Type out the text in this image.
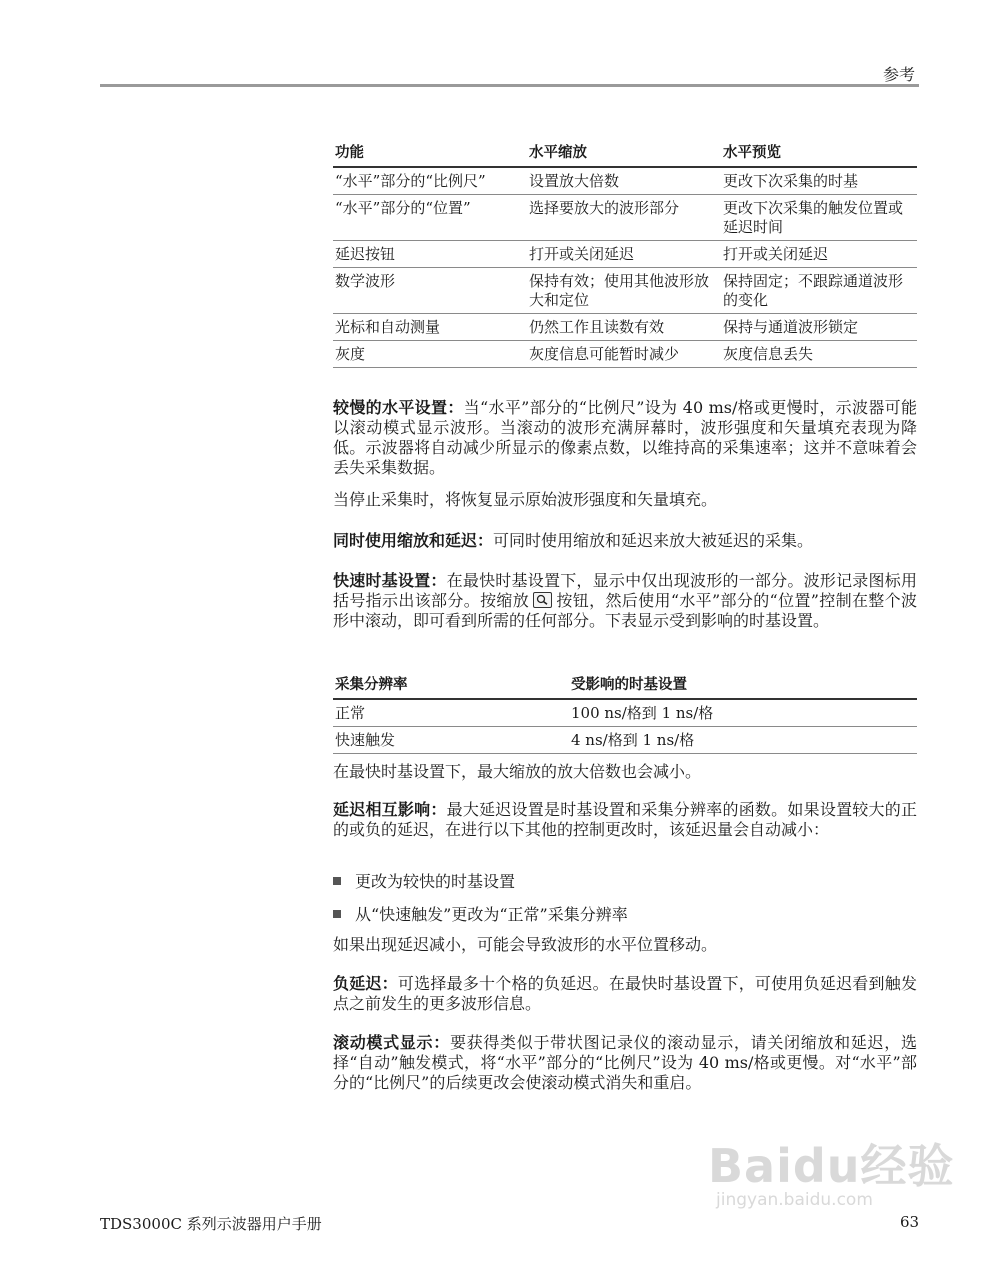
参考
功能	水平缩放	水平预览
“水平”部分的“比例尺”	设置放大倍数	更改下次采集的时基
“水平”部分的“位置”	选择要放大的波形部分	更改下次采集的触发位置或延迟时间
延迟按钮	打开或关闭延迟	打开或关闭延迟
数学波形	保持有效；使用其他波形放大和定位	保持固定；不跟踪通道波形的变化
光标和自动测量	仍然工作且读数有效	保持与通道波形锁定
灰度	灰度信息可能暂时减少	灰度信息丢失

较慢的水平设置：当“水平”部分的“比例尺”设为 40 ms/格或更慢时，示波器可能以滚动模式显示波形。当滚动的波形充满屏幕时，波形强度和矢量填充表现为降低。示波器将自动减少所显示的像素点数，以维持高的采集速率；这并不意味着会丢失采集数据。

当停止采集时，将恢复显示原始波形强度和矢量填充。

同时使用缩放和延迟：可同时使用缩放和延迟来放大被延迟的采集。

快速时基设置：在最快时基设置下，显示中仅出现波形的一部分。波形记录图标用括号指示出该部分。按缩放 按钮，然后使用“水平”部分的“位置”控制在整个波形中滚动，即可看到所需的任何部分。下表显示受到影响的时基设置。

采集分辨率	受影响的时基设置
正常	100 ns/格到 1 ns/格
快速触发	4 ns/格到 1 ns/格

在最快时基设置下，最大缩放的放大倍数也会减小。

延迟相互影响：最大延迟设置是时基设置和采集分辨率的函数。如果设置较大的正的或负的延迟，在进行以下其他的控制更改时，该延迟量会自动减小：

更改为较快的时基设置
从“快速触发”更改为“正常”采集分辨率

如果出现延迟减小，可能会导致波形的水平位置移动。

负延迟：可选择最多十个格的负延迟。在最快时基设置下，可使用负延迟看到触发点之前发生的更多波形信息。

滚动模式显示：要获得类似于带状图记录仪的滚动显示，请关闭缩放和延迟，选择“自动”触发模式，将“水平”部分的“比例尺”设为 40 ms/格或更慢。对“水平”部分的“比例尺”的后续更改会使滚动模式消失和重启。

Baidu经验
jingyan.baidu.com
TDS3000C 系列示波器用户手册	63
